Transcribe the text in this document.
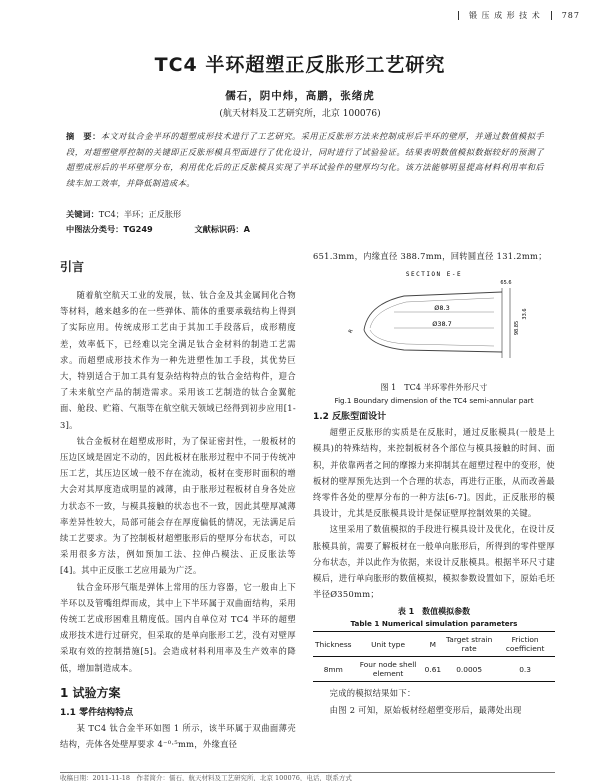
锻 压 成 形 技 术	787
TC4 半环超塑正反胀形工艺研究
儒石，阴中炜，高鹏，张绪虎
(航天材料及工艺研究所，北京 100076)
摘　要：本文对钛合金半环的超塑成形技术进行了工艺研究。采用正反胀形方法来控制成形后半环的壁厚，并通过数值模拟手段，对超塑壁厚控制的关键即正反胀形模具型面进行了优化设计，同时进行了试验验证。结果表明数值模拟数据较好的预测了超塑成形后的半环壁厚分布，利用优化后的正反胀模具实现了半环试验件的壁厚均匀化。该方法能够明显提高材料利用率和后续车加工效率，并降低制造成本。
关键词：TC4；半环；正反胀形
中图法分类号：TG249	文献标识码：A
引言

随着航空航天工业的发展，钛、钛合金及其金属间化合物等材料，越来越多的在一些弹体、箭体的重要承载结构上得到了实际应用。传统成形工艺由于其加工手段落后，成形精度差，效率低下，已经难以完全满足钛合金材料的制造工艺需求。而超塑成形技术作为一种先进塑性加工手段，其优势巨大，特别适合于加工具有复杂结构特点的钛合金结构件，迎合了未来航空产品的制造需求。采用该工艺制造的钛合金翼舵面、舱段、贮箱、气瓶等在航空航天领域已经得到初步应用[1-3]。

钛合金板材在超塑成形时，为了保证密封性，一般板材的压边区域是固定不动的，因此板材在胀形过程中不同于传统冲压工艺，其压边区域一般不存在流动，板材在变形时面积的增大会对其厚度造成明显的减薄，由于胀形过程板材自身各处应力状态不一致，与模具接触的状态也不一致，因此其壁厚减薄率差异性较大，局部可能会存在厚度偏低的情况，无法满足后续工艺要求。为了控制板材超塑胀形后的壁厚分布状态，可以采用很多方法，例如预加工法、拉伸凸模法、正反胀法等[4]。其中正反胀工艺应用最为广泛。

钛合金环形气瓶是弹体上常用的压力容器，它一般由上下半环以及管嘴组焊而成，其中上下半环属于双曲面结构，采用传统工艺成形困难且精度低。国内自单位对 TC4 半环的超塑成形技术进行过研究，但采取的是单向胀形工艺，没有对壁厚采取有效的控制措施[5]。会造成材料利用率及生产效率的降低，增加制造成本。

1 试验方案
1.1 零件结构特点

某 TC4 钛合金半环如图 1 所示，该半环属于双曲面薄壳结构，壳体各处壁厚要求 4⁻⁰·⁵mm，外缘直径

651.3mm，内缘直径 388.7mm，回转圆直径 131.2mm；

SECTION E-E
Ø8.3
Ø38.7	98.85
33.6
65.6
R
图 1　TC4 半环零件外形尺寸
Fig.1 Boundary dimension of the TC4 semi-annular part
1.2 反胀型面设计

超塑正反胀形的实质是在反胀时，通过反胀模具(一般是上模具)的特殊结构，来控制板材各个部位与模具接触的时间、面积，并依靠两者之间的摩擦力来抑制其在超塑过程中的变形，使板材的壁厚预先达到一个合理的状态，再进行正胀，从而改善最终零件各处的壁厚分布的一种方法[6-7]。因此，正反胀形的模具设计，尤其是反胀模具设计是保证壁厚控制效果的关键。

这里采用了数值模拟的手段进行模具设计及优化，在设计反胀模具前，需要了解板材在一般单向胀形后，所得到的零件壁厚分布状态，并以此作为依据，来设计反胀模具。根据半环尺寸建模后，进行单向胀形的数值模拟，模拟参数设置如下，原始毛坯半径Ø350mm；

表 1　数值模拟参数
Table 1 Numerical simulation parameters
Thickness	Unit type	M	Target strain rate	Friction coefficient
8mm	Four node shell element	0.61	0.0005	0.3

完成的模拟结果如下：

由图 2 可知，原始板材经超塑变形后，最薄处出现

收稿日期：2011-11-18　作者简介：儒石，航天材料及工艺研究所，北京 100076，电话，联系方式
